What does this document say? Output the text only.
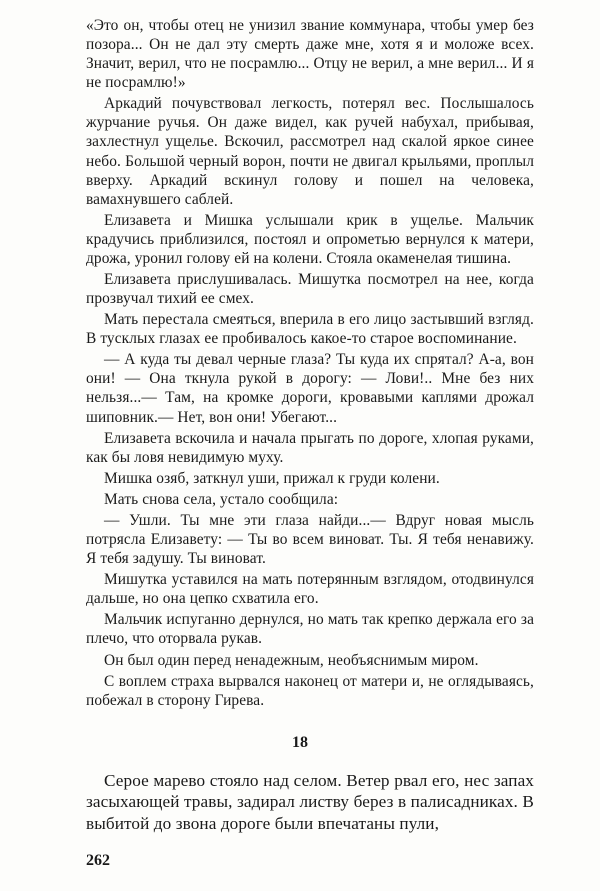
«Это он, чтобы отец не унизил звание коммунара, чтобы умер без позора... Он не дал эту смерть даже мне, хотя я и моложе всех. Значит, верил, что не посрамлю... Отцу не верил, а мне верил... И я не посрамлю!»

Аркадий почувствовал легкость, потерял вес. Послышалось журчание ручья. Он даже видел, как ручей набухал, прибывая, захлестнул ущелье. Вскочил, рассмотрел над скалой яркое синее небо. Большой черный ворон, почти не двигал крыльями, проплыл вверху. Аркадий вскинул голову и пошел на человека, вамахнувшего саблей.

Елизавета и Мишка услышали крик в ущелье. Мальчик крадучись приблизился, постоял и опрометью вернулся к матери, дрожа, уронил голову ей на колени. Стояла окаменелая тишина.

Елизавета прислушивалась. Мишутка посмотрел на нее, когда прозвучал тихий ее смех.

Мать перестала смеяться, вперила в его лицо застывший взгляд. В тусклых глазах ее пробивалось какое-то старое воспоминание.

— А куда ты девал черные глаза? Ты куда их спрятал? А-а, вон они! — Она ткнула рукой в дорогу: — Лови!.. Мне без них нельзя...— Там, на кромке дороги, кровавыми каплями дрожал шиповник.— Нет, вон они! Убегают...

Елизавета вскочила и начала прыгать по дороге, хлопая руками, как бы ловя невидимую муху.

Мишка озяб, заткнул уши, прижал к груди колени.

Мать снова села, устало сообщила:

— Ушли. Ты мне эти глаза найди...— Вдруг новая мысль потрясла Елизавету: — Ты во всем виноват. Ты. Я тебя ненавижу. Я тебя задушу. Ты виноват.

Мишутка уставился на мать потерянным взглядом, отодвинулся дальше, но она цепко схватила его.

Мальчик испуганно дернулся, но мать так крепко держала его за плечо, что оторвала рукав.

Он был один перед ненадежным, необъяснимым миром.

С воплем страха вырвался наконец от матери и, не оглядываясь, побежал в сторону Гирева.

18

Серое марево стояло над селом. Ветер рвал его, нес запах засыхающей травы, задирал листву берез в палисадниках. В выбитой до звона дороге были впечатаны пули,

262
